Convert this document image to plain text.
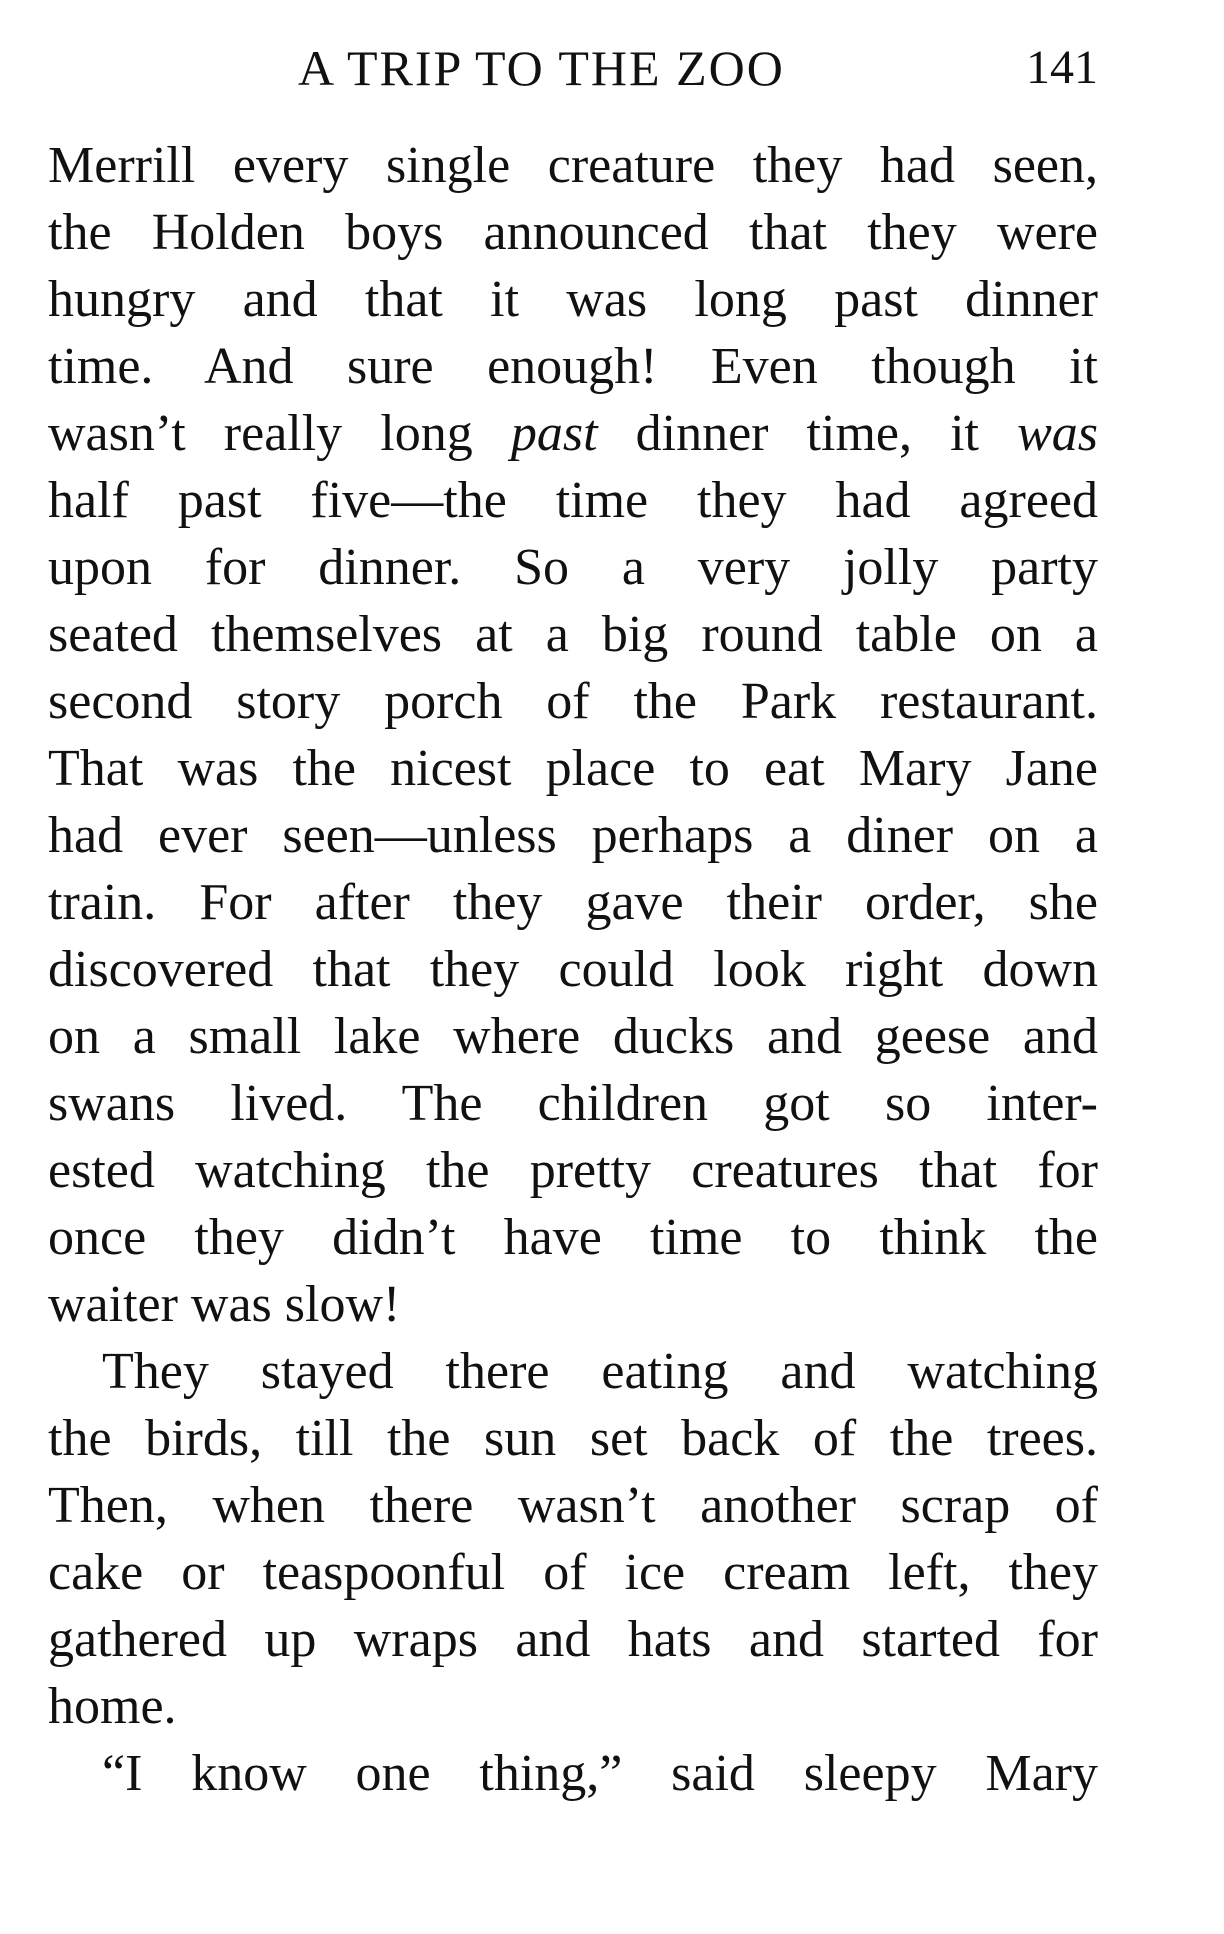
A TRIP TO THE ZOO	141
Merrill every single creature they had seen,
the Holden boys announced that they were
hungry and that it was long past dinner
time. And sure enough! Even though it
wasn’t really long past dinner time, it was
half past five—the time they had agreed
upon for dinner. So a very jolly party
seated themselves at a big round table on a
second story porch of the Park restaurant.
That was the nicest place to eat Mary Jane
had ever seen—unless perhaps a diner on a
train. For after they gave their order, she
discovered that they could look right down
on a small lake where ducks and geese and
swans lived. The children got so inter-
ested watching the pretty creatures that for
once they didn’t have time to think the
waiter was slow!
They stayed there eating and watching
the birds, till the sun set back of the trees.
Then, when there wasn’t another scrap of
cake or teaspoonful of ice cream left, they
gathered up wraps and hats and started for
home.
“I know one thing,” said sleepy Mary
